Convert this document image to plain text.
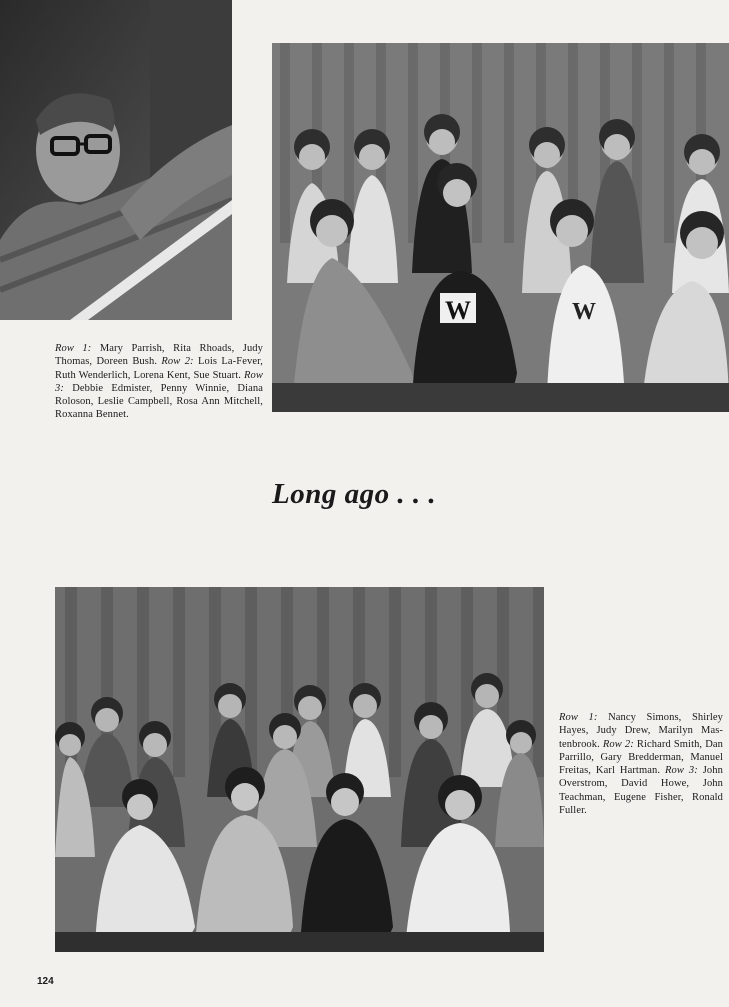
W	W
Row 1: Mary Parrish, Rita Rhoads, Judy Thomas, Doreen Bush. Row 2: Lois La-Fever, Ruth Wenderlich, Lorena Kent, Sue Stuart. Row 3: Debbie Edmister, Penny Winnie, Diana Roloson, Leslie Campbell, Rosa Ann Mitchell, Roxanna Bennet.
Long ago . . .
Row 1: Nancy Simons, Shirley Hayes, Judy Drew, Marilyn Mas-tenbrook. Row 2: Richard Smith, Dan Parrillo, Gary Bredderman, Manuel Freitas, Karl Hartman. Row 3: John Overstrom, David Howe, John Teachman, Eugene Fisher, Ronald Fuller.
124
